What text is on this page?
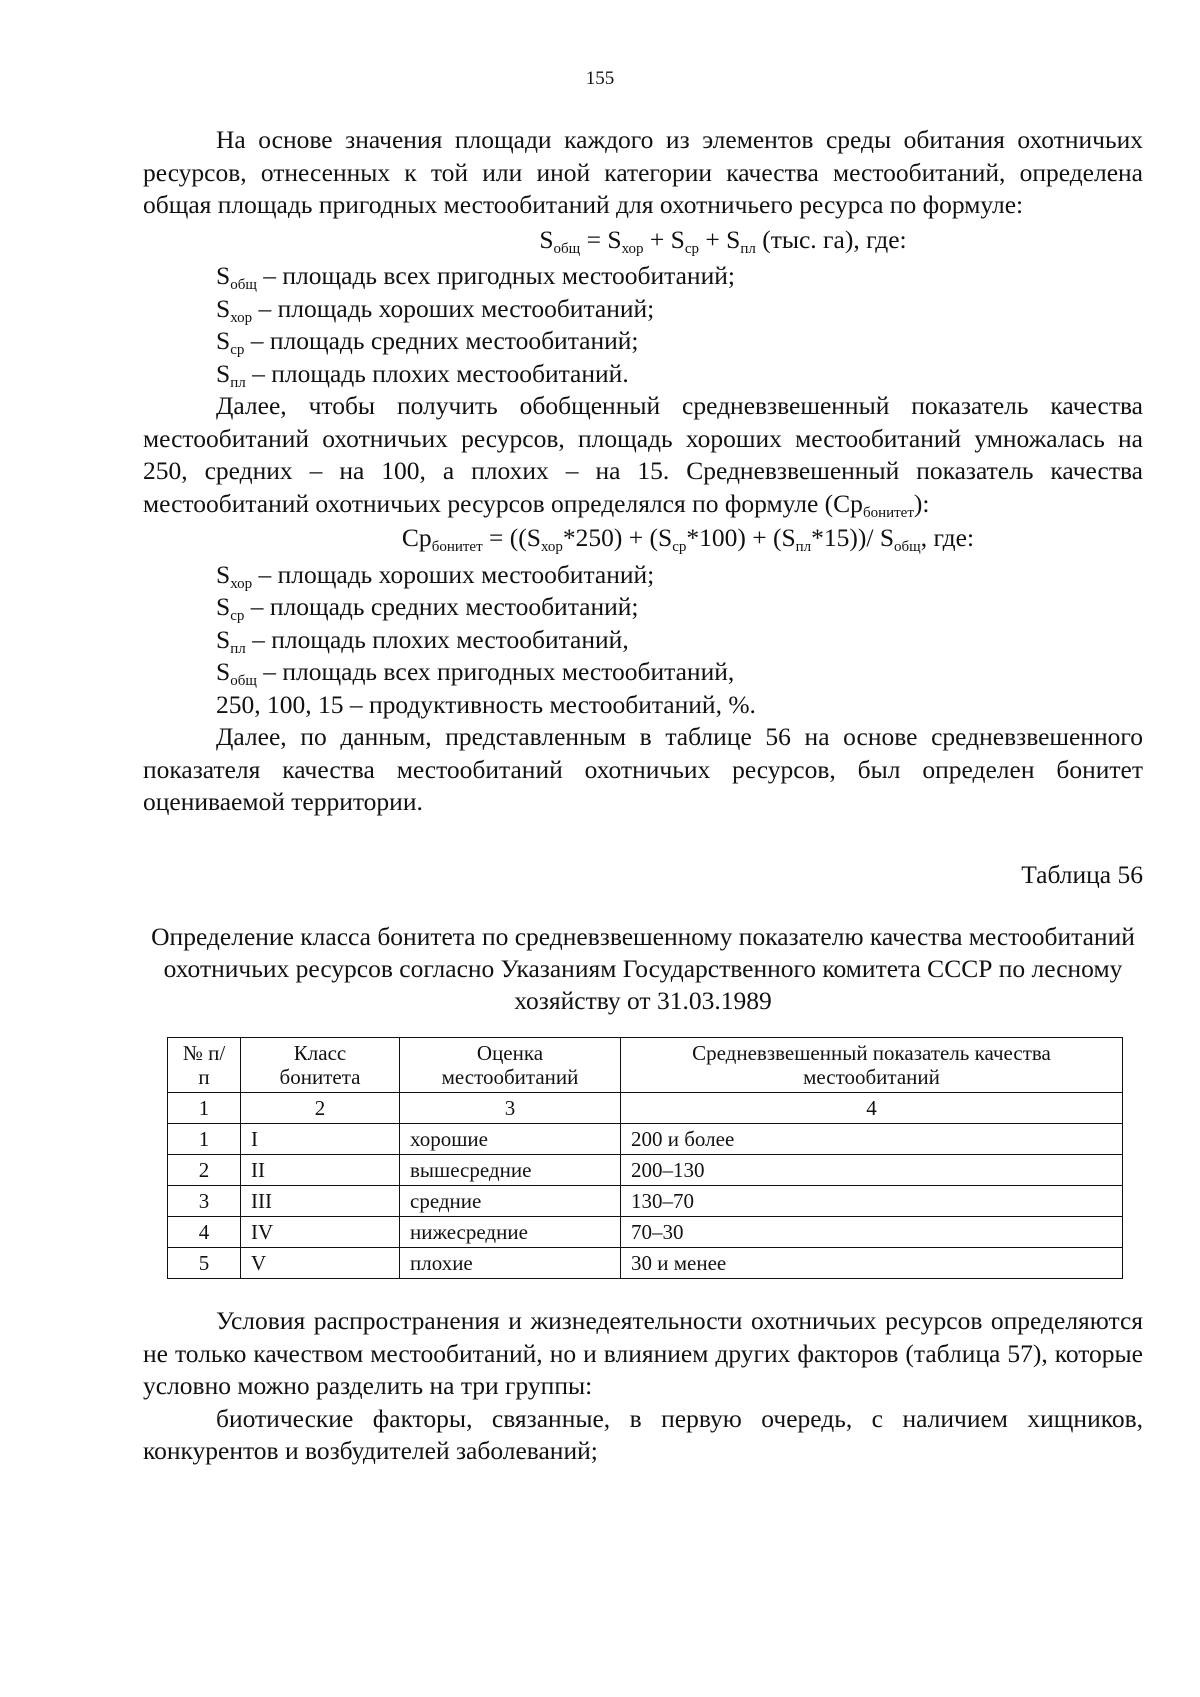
155

На основе значения площади каждого из элементов среды обитания охотничьих ресурсов, отнесенных к той или иной категории качества местообитаний, определена общая площадь пригодных местообитаний для охотничьего ресурса по формуле:

$S_{общ} = S_{хор} + S_{ср} + S_{пл}$ (тыс. га), где:

$S_{общ}$ – площадь всех пригодных местообитаний;

$S_{хор}$ – площадь хороших местообитаний;

$S_{ср}$ – площадь средних местообитаний;

$S_{пл}$ – площадь плохих местообитаний.

Далее, чтобы получить обобщенный средневзвешенный показатель качества местообитаний охотничьих ресурсов, площадь хороших местообитаний умножалась на 250, средних – на 100, а плохих – на 15. Средневзвешенный показатель качества местообитаний охотничьих ресурсов определялся по формуле $(Ср_{бонитет})$:

$Ср_{бонитет} = ((S_{хор}*250) + (S_{ср}*100) + (S_{пл}*15))/$ $S_{общ}$, где:

$S_{хор}$ – площадь хороших местообитаний;

$S_{ср}$ – площадь средних местообитаний;

$S_{пл}$ – площадь плохих местообитаний,

$S_{общ}$ – площадь всех пригодных местообитаний,

250, 100, 15 – продуктивность местообитаний, %.

Далее, по данным, представленным в таблице 56 на основе средневзвешенного показателя качества местообитаний охотничьих ресурсов, был определен бонитет оцениваемой территории.

Таблица 56

Определение класса бонитета по средневзвешенному показателю качества местообитаний охотничьих ресурсов согласно Указаниям Государственного комитета СССР по лесному хозяйству от 31.03.1989

№ п/п	Класс бонитета	Оценка местообитаний	Средневзвешенный показатель качества местообитаний
1	2	3	4
1	I	хорошие	200 и более
2	II	вышесредние	200–130
3	III	средние	130–70
4	IV	нижесредние	70–30
5	V	плохие	30 и менее

Условия распространения и жизнедеятельности охотничьих ресурсов определяются не только качеством местообитаний, но и влиянием других факторов (таблица 57), которые условно можно разделить на три группы:

биотические факторы, связанные, в первую очередь, с наличием хищников, конкурентов и возбудителей заболеваний;
